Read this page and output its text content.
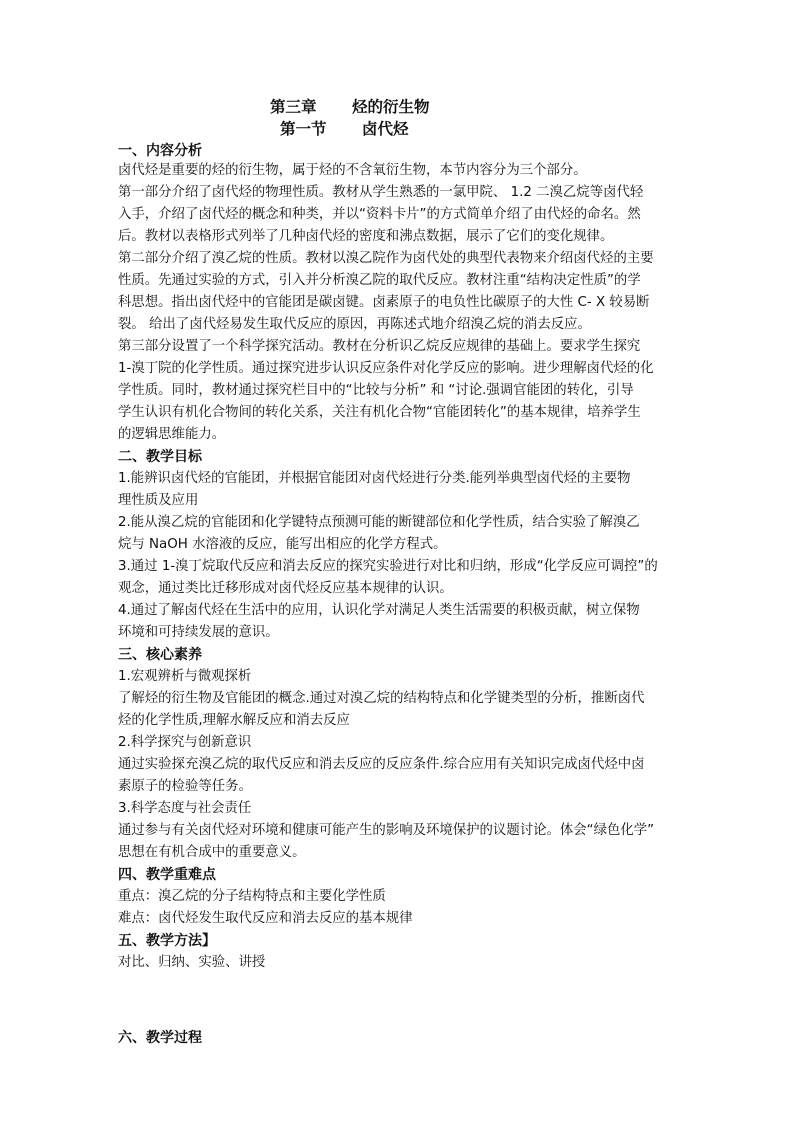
第三章 烃的衍生物
第一节 卤代烃
一、内容分析
卤代烃是重要的烃的衍生物，属于烃的不含氧衍生物，本节内容分为三个部分。
第一部分介绍了卤代烃的物理性质。教材从学生熟悉的一氯甲院、 1.2 二溴乙烷等卤代轻
入手，介绍了卤代烃的概念和种类，并以“资料卡片”的方式简单介绍了由代烃的命名。然
后。教材以表格形式列举了几种卤代烃的密度和沸点数据，展示了它们的变化规律。
第二部分介绍了溴乙烷的性质。教材以溴乙院作为卤代处的典型代表物来介绍卤代烃的主要
性质。先通过实验的方式，引入并分析溴乙院的取代反应。教材注重“结构决定性质”的学
科思想。指出卤代烃中的官能团是碳卤键。卤素原子的电负性比碳原子的大性 C- X 较易断
裂。 给出了卤代烃易发生取代反应的原因，再陈述式地介绍溴乙烷的消去反应。
第三部分设置了一个科学探究活动。教材在分析识乙烷反应规律的基础上。要求学生探究
1-溴丁院的化学性质。通过探究进步认识反应条件对化学反应的影响。进少理解卤代烃的化
学性质。同时，教材通过探究栏目中的“比较与分析” 和 “讨论.强调官能团的转化，引导
学生认识有机化合物间的转化关系，关注有机化合物“官能团转化”的基本规律，培养学生
的逻辑思维能力。
二、教学目标
1.能辨识卤代烃的官能团，并根据官能团对卤代烃进行分类.能列举典型卤代烃的主要物
理性质及应用
2.能从溴乙烷的官能团和化学键特点预测可能的断键部位和化学性质，结合实验了解溴乙
烷与 NaOH 水溶液的反应，能写出相应的化学方程式。
3.通过 1-溴丁烷取代反应和消去反应的探究实验进行对比和归纳，形成“化学反应可调控”的
观念，通过类比迁移形成对卤代烃反应基本规律的认识。
4.通过了解卤代烃在生活中的应用，认识化学对满足人类生活需要的积极贡献，树立保物
环境和可持续发展的意识。
三、核心素养
1.宏观辨析与微观探析
了解烃的衍生物及官能团的概念.通过对溴乙烷的结构特点和化学键类型的分析，推断卤代
烃的化学性质,理解水解反应和消去反应
2.科学探究与创新意识
通过实验探充溴乙烷的取代反应和消去反应的反应条件.综合应用有关知识完成卤代烃中卤
素原子的检验等任务。
3.科学态度与社会责任
通过参与有关卤代烃对环境和健康可能产生的影响及环境保护的议题讨论。体会“绿色化学”
思想在有机合成中的重要意义。
四、教学重难点
重点：溴乙烷的分子结构特点和主要化学性质
难点：卤代烃发生取代反应和消去反应的基本规律
五、教学方法】
对比、归纳、实验、讲授
六、教学过程
